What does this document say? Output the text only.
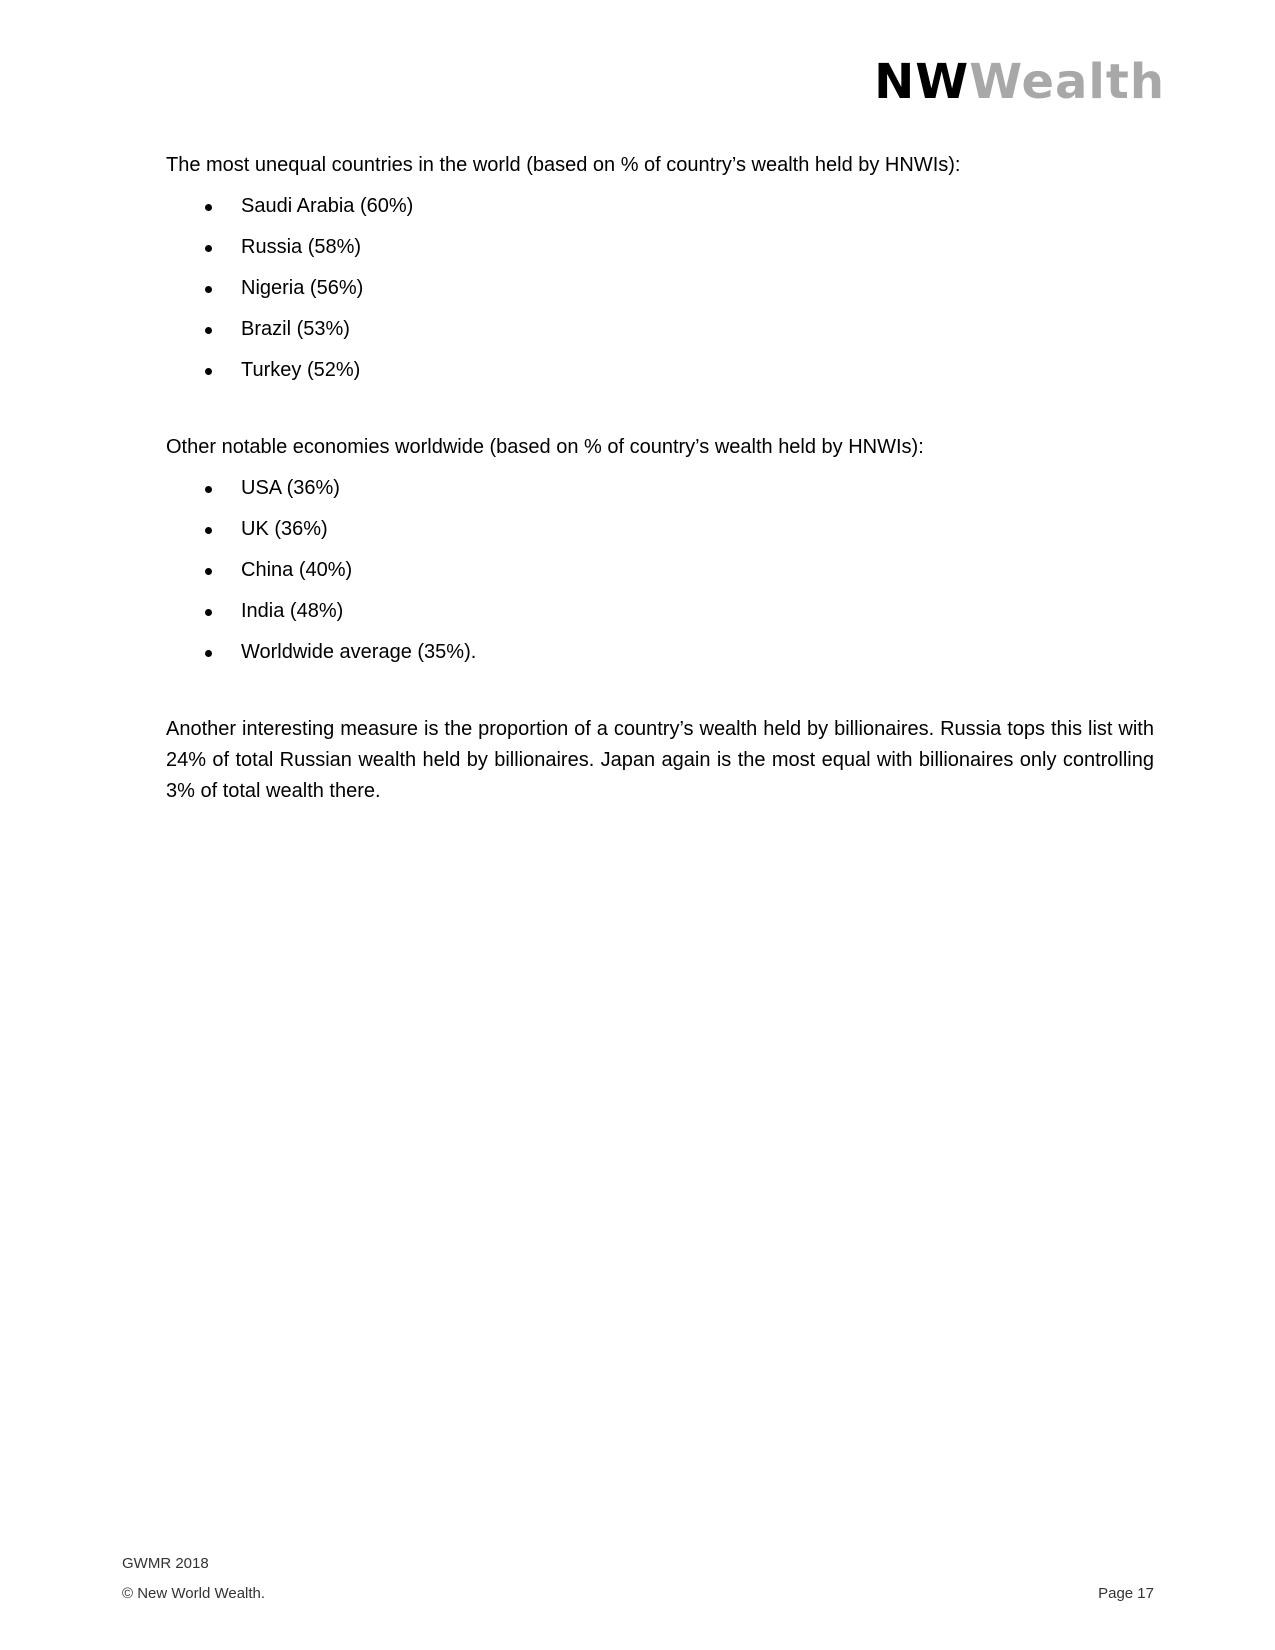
NWWealth

The most unequal countries in the world (based on % of country’s wealth held by HNWIs):

Saudi Arabia (60%)
Russia (58%)
Nigeria (56%)
Brazil (53%)
Turkey (52%)

Other notable economies worldwide (based on % of country’s wealth held by HNWIs):

USA (36%)
UK (36%)
China (40%)
India (48%)
Worldwide average (35%).

Another interesting measure is the proportion of a country’s wealth held by billionaires. Russia tops this list with 24% of total Russian wealth held by billionaires. Japan again is the most equal with billionaires only controlling 3% of total wealth there.

GWMR 2018
© New World Wealth.	Page 17
